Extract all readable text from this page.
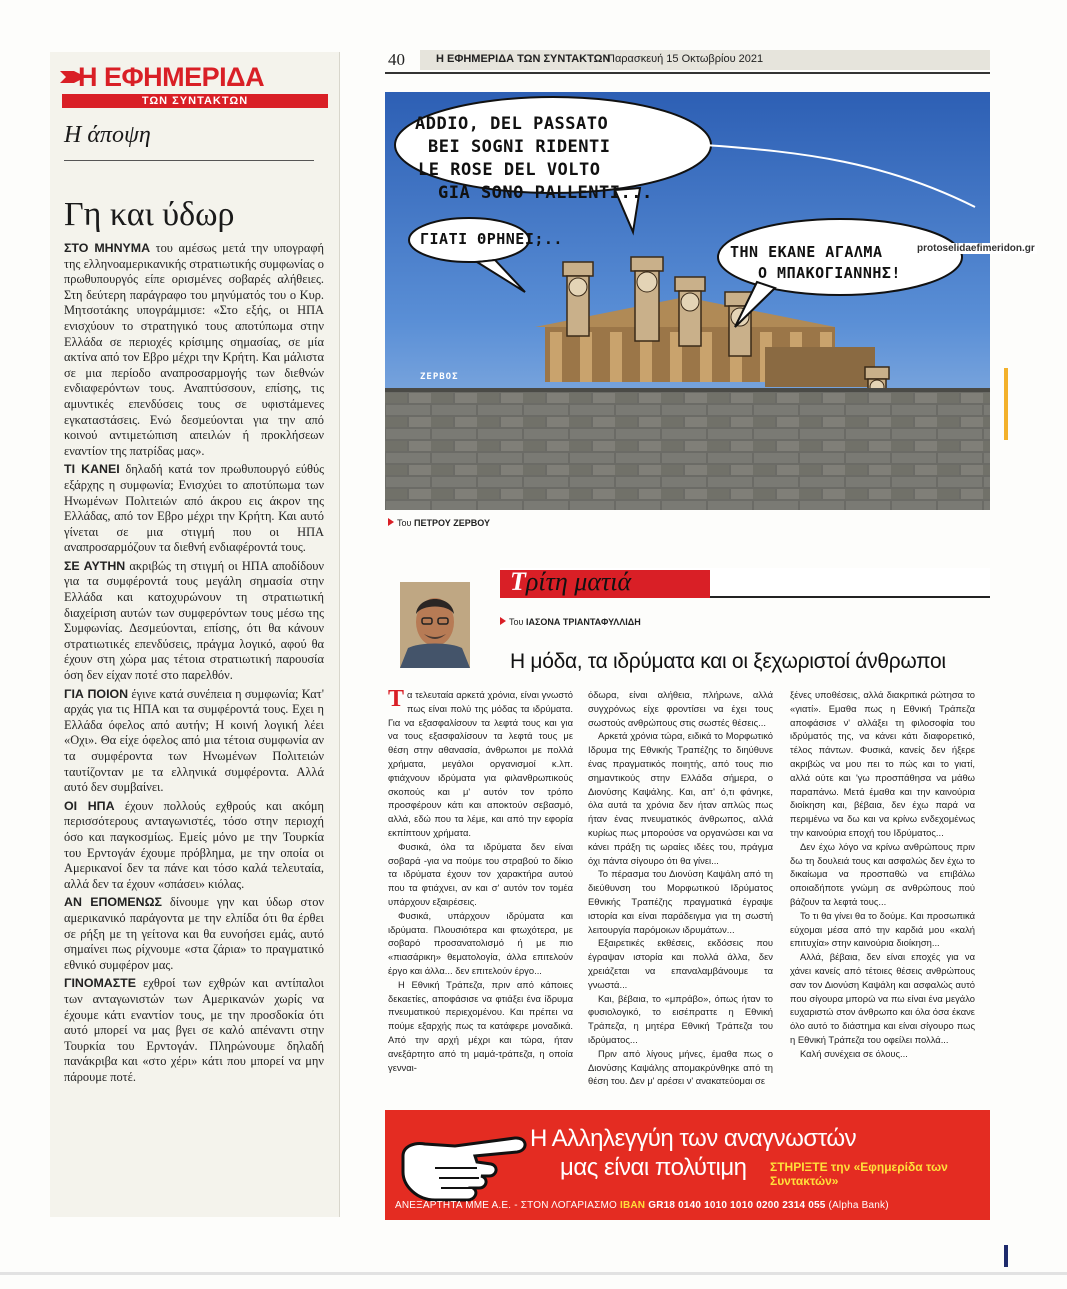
Η ΕΦΗΜΕΡΙΔΑ
ΤΩΝ ΣΥΝΤΑΚΤΩΝ
Η άποψη
Γη και ύδωρ

ΣΤΟ ΜΗΝΥΜΑ του αμέσως μετά την υπογραφή της ελληνοαμερικανικής στρατιωτικής συμφωνίας ο πρωθυπουργός είπε ορισμένες σοβαρές αλήθειες. Στη δεύτερη παράγραφο του μηνύματός του ο Κυρ. Μητσοτάκης υπογράμμισε: «Στο εξής, οι ΗΠΑ ενισχύουν το στρατηγικό τους αποτύπωμα στην Ελλάδα σε περιοχές κρίσιμης σημασίας, σε μία ακτίνα από τον Εβρο μέχρι την Κρήτη. Και μάλιστα σε μια περίοδο αναπροσαρμογής των διεθνών ενδιαφερόντων τους. Αναπτύσσουν, επίσης, τις αμυντικές επενδύσεις τους σε υφιστάμενες εγκαταστάσεις. Ενώ δεσμεύονται για την από κοινού αντιμετώπιση απειλών ή προκλήσεων εναντίον της πατρίδας μας».

ΤΙ ΚΑΝΕΙ δηλαδή κατά τον πρωθυπουργό εύθύς εξάρχης η συμφωνία; Ενισχύει το αποτύπωμα των Ηνωμένων Πολιτειών από άκρου εις άκρον της Ελλάδας, από τον Εβρο μέχρι την Κρήτη. Και αυτό γίνεται σε μια στιγμή που οι ΗΠΑ αναπροσαρμόζουν τα διεθνή ενδιαφέροντά τους.

ΣΕ ΑΥΤΗΝ ακριβώς τη στιγμή οι ΗΠΑ αποδίδουν για τα συμφέροντά τους μεγάλη σημασία στην Ελλάδα και κατοχυρώνουν τη στρατιωτική διαχείριση αυτών των συμφερόντων τους μέσω της Συμφωνίας. Δεσμεύονται, επίσης, ότι θα κάνουν στρατιωτικές επενδύσεις, πράγμα λογικό, αφού θα έχουν στη χώρα μας τέτοια στρατιωτική παρουσία όση δεν είχαν ποτέ στο παρελθόν.

ΓΙΑ ΠΟΙΟΝ έγινε κατά συνέπεια η συμφωνία; Κατ' αρχάς για τις ΗΠΑ και τα συμφέροντά τους. Εχει η Ελλάδα όφελος από αυτήν; Η κοινή λογική λέει «Οχι». Θα είχε όφελος από μια τέτοια συμφωνία αν τα συμφέροντα των Ηνωμένων Πολιτειών ταυτίζονταν με τα ελληνικά συμφέροντα. Αλλά αυτό δεν συμβαίνει.

ΟΙ ΗΠΑ έχουν πολλούς εχθρούς και ακόμη περισσότερους ανταγωνιστές, τόσο στην περιοχή όσο και παγκοσμίως. Εμείς μόνο με την Τουρκία του Ερντογάν έχουμε πρόβλημα, με την οποία οι Αμερικανοί δεν τα πάνε και τόσο καλά τελευταία, αλλά δεν τα έχουν «σπάσει» κιόλας.

ΑΝ ΕΠΟΜΕΝΩΣ δίνουμε γην και ύδωρ στον αμερικανικό παράγοντα με την ελπίδα ότι θα έρθει σε ρήξη με τη γείτονα και θα ευνοήσει εμάς, αυτό σημαίνει πως ρίχνουμε «στα ζάρια» το πραγματικό εθνικό συμφέρον μας.

ΓΙΝΟΜΑΣΤΕ εχθροί των εχθρών και αντίπαλοι των ανταγωνιστών των Αμερικανών χωρίς να έχουμε κάτι εναντίον τους, με την προσδοκία ότι αυτό μπορεί να μας βγει σε καλό απέναντι στην Τουρκία του Ερντογάν. Πληρώνουμε δηλαδή πανάκριβα και «στο χέρι» κάτι που μπορεί να μην πάρουμε ποτέ.

40	Η ΕΦΗΜΕΡΙΔΑ ΤΩΝ ΣΥΝΤΑΚΤΩΝ
Παρασκευή 15 Οκτωβρίου 2021
ADDIO, DEL PASSATO
BEI SOGNI RIDENTI
LE ROSE DEL VOLTO
GIA SONO PALLENTI...
ΓΙΑΤΙ ΘΡΗΝΕΙ;..
ΤΗΝ ΕΚΑΝΕ ΑΓΑΛΜΑ
Ο ΜΠΑΚΟΓΙΑΝΝΗΣ!
ΖΕΡΒΟΣ
protoselidaefimeridon.gr
Του ΠΕΤΡΟΥ ΖΕΡΒΟΥ
Τρίτη ματιά
Του ΙΑΣΟΝΑ ΤΡΙΑΝΤΑΦΥΛΛΙΔΗ
Η μόδα, τα ιδρύματα και οι ξεχωριστοί άνθρωποι

Τα τελευταία αρκετά χρόνια, είναι γνωστό πως είναι πολύ της μόδας τα ιδρύματα. Για να εξασφαλίσουν τα λεφτά τους και για να τους εξασφαλίσουν τα λεφτά τους με θέση στην αθανασία, άνθρωποι με πολλά χρήματα, μεγάλοι οργανισμοί κ.λπ. φτιάχνουν ιδρύματα για φιλανθρωπικούς σκοπούς και μ' αυτόν τον τρόπο προσφέρουν κάτι και αποκτούν σεβασμό, αλλά, εδώ που τα λέμε, και από την εφορία εκπίπτουν χρήματα.

Φυσικά, όλα τα ιδρύματα δεν είναι σοβαρά -για να πούμε του στραβού το δίκιο τα ιδρύματα έχουν τον χαρακτήρα αυτού που τα φτιάχνει, αν και σ' αυτόν τον τομέα υπάρχουν εξαιρέσεις.

Φυσικά, υπάρχουν ιδρύματα και ιδρύματα. Πλουσιότερα και φτωχότερα, με σοβαρό προσανατολισμό ή με πιο «πιασάρικη» θεματολογία, άλλα επιτελούν έργο και άλλα... δεν επιτελούν έργο...

Η Εθνική Τράπεζα, πριν από κάποιες δεκαετίες, αποφάσισε να φτιάξει ένα ίδρυμα πνευματικού περιεχομένου. Και πρέπει να πούμε εξαρχής πως τα κατάφερε μοναδικά. Από την αρχή μέχρι και τώρα, ήταν ανεξάρτητο από τη μαμά-τράπεζα, η οποία γενναι-

όδωρα, είναι αλήθεια, πλήρωνε, αλλά συγχρόνως είχε φροντίσει να έχει τους σωστούς ανθρώπους στις σωστές θέσεις...

Αρκετά χρόνια τώρα, ειδικά το Μορφωτικό Ιδρυμα της Εθνικής Τραπέζης το διηύθυνε ένας πραγματικός ποιητής, από τους πιο σημαντικούς στην Ελλάδα σήμερα, ο Διονύσης Καψάλης. Και, απ' ό,τι φάνηκε, όλα αυτά τα χρόνια δεν ήταν απλώς πως ήταν ένας πνευματικός άνθρωπος, αλλά κυρίως πως μπορούσε να οργανώσει και να κάνει πράξη τις ωραίες ιδέες του, πράγμα όχι πάντα σίγουρο ότι θα γίνει...

Το πέρασμα του Διονύση Καψάλη από τη διεύθυνση του Μορφωτικού Ιδρύματος Εθνικής Τραπέζης πραγματικά έγραψε ιστορία και είναι παράδειγμα για τη σωστή λειτουργία παρόμοιων ιδρυμάτων...

Εξαιρετικές εκθέσεις, εκδόσεις που έγραψαν ιστορία και πολλά άλλα, δεν χρειάζεται να επαναλαμβάνουμε τα γνωστά...

Και, βέβαια, το «μπράβο», όπως ήταν το φυσιολογικό, το εισέπραττε η Εθνική Τράπεζα, η μητέρα Εθνική Τράπεζα του ιδρύματος...

Πριν από λίγους μήνες, έμαθα πως ο Διονύσης Καψάλης απομακρύνθηκε από τη θέση του. Δεν μ' αρέσει ν' ανακατεύομαι σε

ξένες υποθέσεις, αλλά διακριτικά ρώτησα το «γιατί». Εμαθα πως η Εθνική Τράπεζα αποφάσισε ν' αλλάξει τη φιλοσοφία του ιδρύματός της, να κάνει κάτι διαφορετικό, τέλος πάντων. Φυσικά, κανείς δεν ήξερε ακριβώς να μου πει το πώς και το γιατί, αλλά ούτε και 'γω προσπάθησα να μάθω παραπάνω. Μετά έμαθα και την καινούρια διοίκηση και, βέβαια, δεν έχω παρά να περιμένω να δω και να κρίνω ενδεχομένως την καινούρια εποχή του Ιδρύματος...

Δεν έχω λόγο να κρίνω ανθρώπους πριν δω τη δουλειά τους και ασφαλώς δεν έχω το δικαίωμα να προσπαθώ να επιβάλω οποιαδήποτε γνώμη σε ανθρώπους πού βάζουν τα λεφτά τους...

Το τι θα γίνει θα το δούμε. Και προσωπικά εύχομαι μέσα από την καρδιά μου «καλή επιτυχία» στην καινούρια διοίκηση...

Αλλά, βέβαια, δεν είναι εποχές για να χάνει κανείς από τέτοιες θέσεις ανθρώπους σαν τον Διονύση Καψάλη και ασφαλώς αυτό που σίγουρα μπορώ να πω είναι ένα μεγάλο ευχαριστώ στον άνθρωπο και όλα όσα έκανε όλο αυτό το διάστημα και είναι σίγουρο πως η Εθνική Τράπεζα του οφείλει πολλά...

Καλή συνέχεια σε όλους...

Η Αλληλεγγύη των αναγνωστών
μας είναι πολύτιμη ΣΤΗΡΙΞΤΕ την «Εφημερίδα των Συντακτών»
ΑΝΕΞΑΡΤΗΤΑ ΜΜΕ Α.Ε. - ΣΤΟΝ ΛΟΓΑΡΙΑΣΜΟ IBAN GR18 0140 1010 1010 0200 2314 055 (Alpha Bank)
